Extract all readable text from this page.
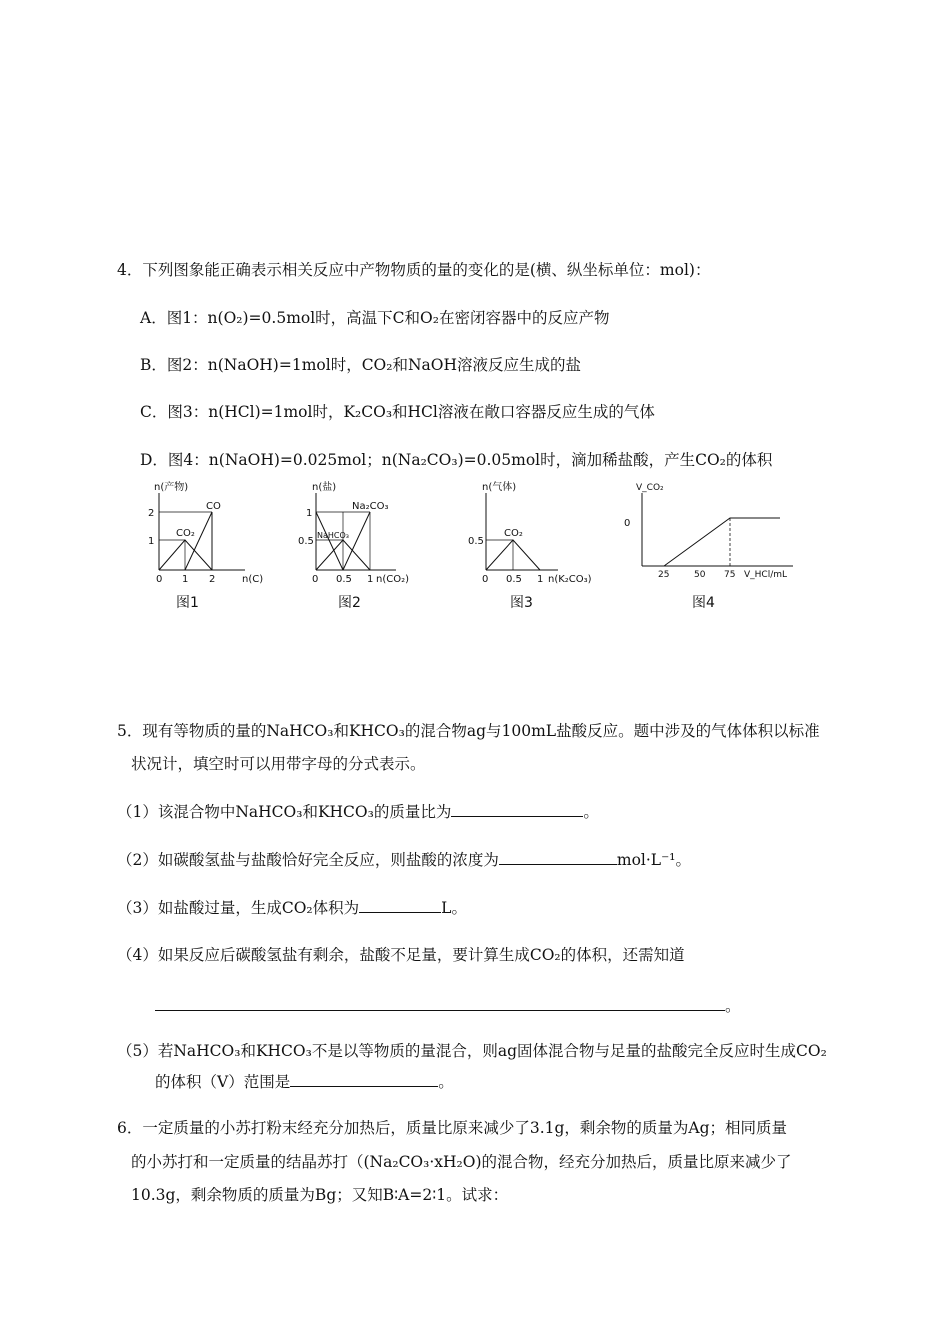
4．下列图象能正确表示相关反应中产物物质的量的变化的是(横、纵坐标单位：mol)：
A．图1：n(O₂)=0.5mol时，高温下C和O₂在密闭容器中的反应产物
B．图2：n(NaOH)=1mol时，CO₂和NaOH溶液反应生成的盐
C．图3：n(HCl)=1mol时，K₂CO₃和HCl溶液在敞口容器反应生成的气体
D．图4：n(NaOH)=0.025mol；n(Na₂CO₃)=0.05mol时，滴加稀盐酸，产生CO₂的体积
n(产物)
2
1
0 1 2	n(C)
CO
CO₂
图1
n(盐)
1
0.5
0 0.5 1 n(CO₂)
Na₂CO₃
NaHCO₃
图2
n(气体)
0.5
0 0.5 1 n(K₂CO₃)
CO₂
图3
V_CO₂
0
25	50 75 V_HCl/mL
图4
5．现有等物质的量的NaHCO₃和KHCO₃的混合物ag与100mL盐酸反应。题中涉及的气体体积以标准
状况计，填空时可以用带字母的分式表示。
（1）该混合物中NaHCO₃和KHCO₃的质量比为	。
（2）如碳酸氢盐与盐酸恰好完全反应，则盐酸的浓度为	mol·L⁻¹。
（3）如盐酸过量，生成CO₂体积为	L。
（4）如果反应后碳酸氢盐有剩余，盐酸不足量，要计算生成CO₂的体积，还需知道
。
（5）若NaHCO₃和KHCO₃不是以等物质的量混合，则ag固体混合物与足量的盐酸完全反应时生成CO₂
的体积（V）范围是	。
6．一定质量的小苏打粉末经充分加热后，质量比原来减少了3.1g，剩余物的质量为Ag；相同质量
的小苏打和一定质量的结晶苏打（(Na₂CO₃·xH₂O)的混合物，经充分加热后，质量比原来减少了
10.3g，剩余物质的质量为Bg；又知B∶A=2∶1。试求：
